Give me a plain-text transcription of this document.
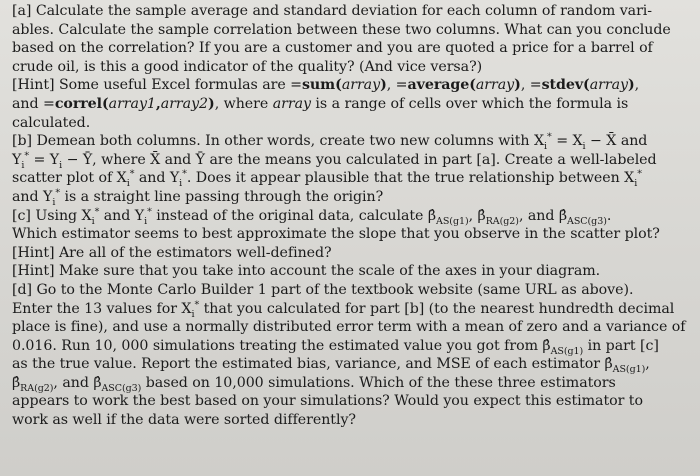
[a] Calculate the sample average and standard deviation for each column of random vari-
ables. Calculate the sample correlation between these two columns. What can you conclude
based on the correlation? If you are a customer and you are quoted a price for a barrel of
crude oil, is this a good indicator of the quality? (And vice versa?)
[Hint] Some useful Excel formulas are =sum(array), =average(array), =stdev(array),
and =correl(array1,array2), where array is a range of cells over which the formula is
calculated.
[b] Demean both columns. In other words, create two new columns with $X_i^* = X_i$ − X̄ and
$Y_i^* = Y_i$ − Ȳ, where X̄ and Ȳ are the means you calculated in part [a]. Create a well-labeled
scatter plot of $X_i^*$ and $Y_i^*$. Does it appear plausible that the true relationship between $X_i^*$
and $Y_i^*$ is a straight line passing through the origin?
[c] Using $X_i^*$ and $Y_i^*$ instead of the original data, calculate $\betâ_{AS(g1)}$, $\betâ_{RA(g2)}$, and $\betâ_{ASC(g3)}$.
Which estimator seems to best approximate the slope that you observe in the scatter plot?
[Hint] Are all of the estimators well-defined?
[Hint] Make sure that you take into account the scale of the axes in your diagram.
[d] Go to the Monte Carlo Builder 1 part of the textbook website (same URL as above).
Enter the 13 values for $X_i^*$ that you calculated for part [b] (to the nearest hundredth decimal
place is fine), and use a normally distributed error term with a mean of zero and a variance of
0.016. Run 10, 000 simulations treating the estimated value you got from $\betâ_{AS(g1)}$ in part [c]
as the true value. Report the estimated bias, variance, and MSE of each estimator $\betâ_{AS(g1)}$,
$\betâ_{RA(g2)}$, and $\betâ_{ASC(g3)}$ based on 10,000 simulations. Which of the these three estimators
appears to work the best based on your simulations? Would you expect this estimator to
work as well if the data were sorted differently?
